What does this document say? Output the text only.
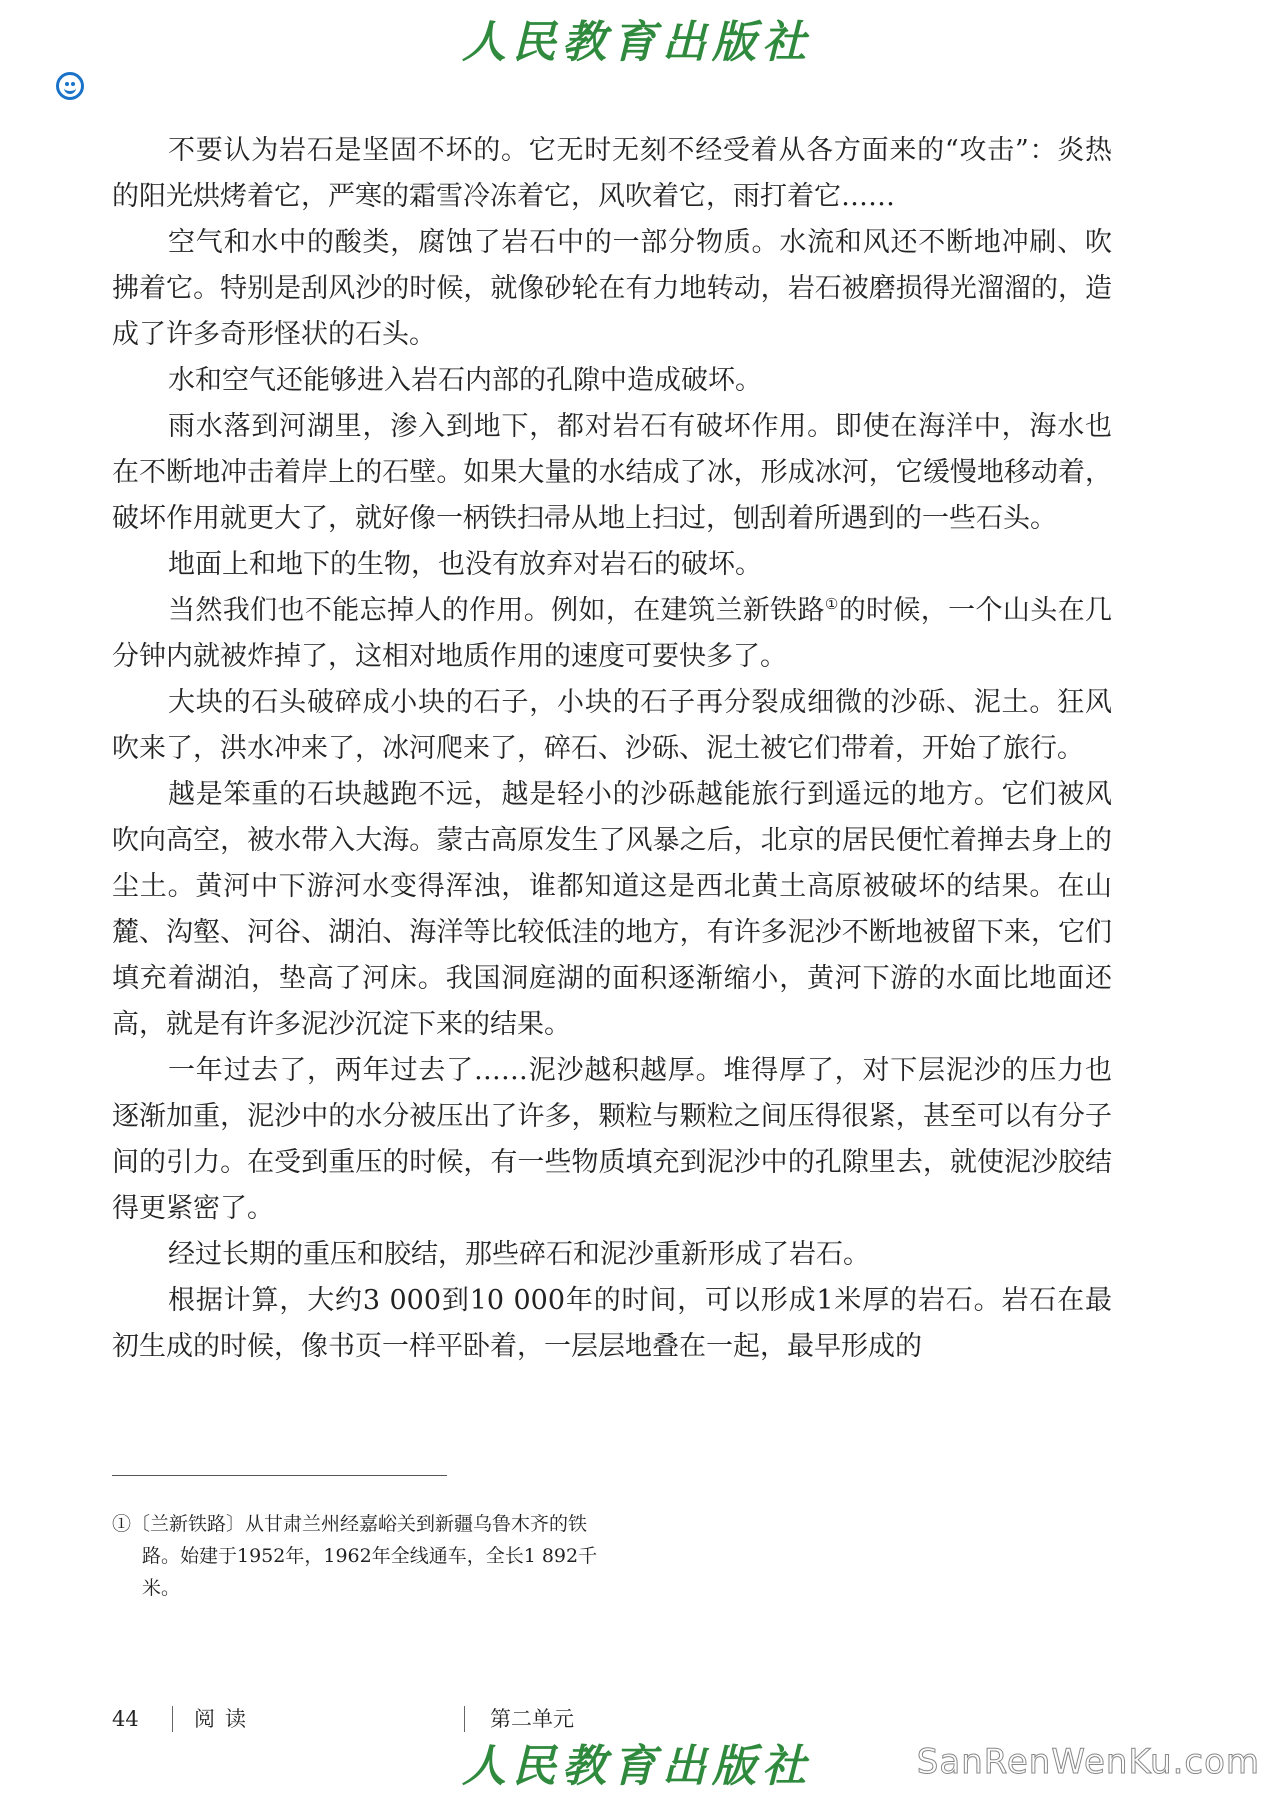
人民教育出版社

不要认为岩石是坚固不坏的。它无时无刻不经受着从各方面来的“攻击”：炎热的阳光烘烤着它，严寒的霜雪冷冻着它，风吹着它，雨打着它……

空气和水中的酸类，腐蚀了岩石中的一部分物质。水流和风还不断地冲刷、吹拂着它。特别是刮风沙的时候，就像砂轮在有力地转动，岩石被磨损得光溜溜的，造成了许多奇形怪状的石头。

水和空气还能够进入岩石内部的孔隙中造成破坏。

雨水落到河湖里，渗入到地下，都对岩石有破坏作用。即使在海洋中，海水也在不断地冲击着岸上的石壁。如果大量的水结成了冰，形成冰河，它缓慢地移动着，破坏作用就更大了，就好像一柄铁扫帚从地上扫过，刨刮着所遇到的一些石头。

地面上和地下的生物，也没有放弃对岩石的破坏。

当然我们也不能忘掉人的作用。例如，在建筑兰新铁路①的时候，一个山头在几分钟内就被炸掉了，这相对地质作用的速度可要快多了。

大块的石头破碎成小块的石子，小块的石子再分裂成细微的沙砾、泥土。狂风吹来了，洪水冲来了，冰河爬来了，碎石、沙砾、泥土被它们带着，开始了旅行。

越是笨重的石块越跑不远，越是轻小的沙砾越能旅行到遥远的地方。它们被风吹向高空，被水带入大海。蒙古高原发生了风暴之后，北京的居民便忙着掸去身上的尘土。黄河中下游河水变得浑浊，谁都知道这是西北黄土高原被破坏的结果。在山麓、沟壑、河谷、湖泊、海洋等比较低洼的地方，有许多泥沙不断地被留下来，它们填充着湖泊，垫高了河床。我国洞庭湖的面积逐渐缩小，黄河下游的水面比地面还高，就是有许多泥沙沉淀下来的结果。

一年过去了，两年过去了……泥沙越积越厚。堆得厚了，对下层泥沙的压力也逐渐加重，泥沙中的水分被压出了许多，颗粒与颗粒之间压得很紧，甚至可以有分子间的引力。在受到重压的时候，有一些物质填充到泥沙中的孔隙里去，就使泥沙胶结得更紧密了。

经过长期的重压和胶结，那些碎石和泥沙重新形成了岩石。

根据计算，大约3 000到10 000年的时间，可以形成1米厚的岩石。岩石在最初生成的时候，像书页一样平卧着，一层层地叠在一起，最早形成的

①〔兰新铁路〕从甘肃兰州经嘉峪关到新疆乌鲁木齐的铁路。始建于1952年，1962年全线通车，全长1 892千米。

44	阅读	第二单元
人民教育出版社	SanRenWenKu.com
